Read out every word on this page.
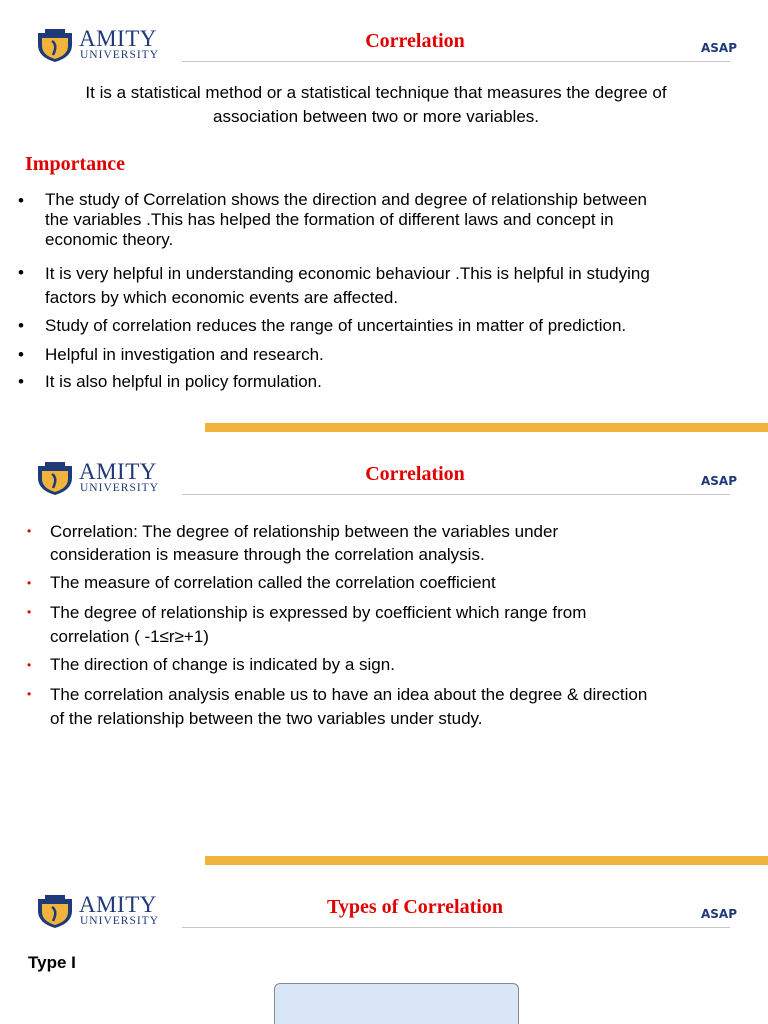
AMITY
UNIVERSITY
Correlation	ASAP
It is a statistical method or a statistical technique that measures the degree of
association between two or more variables.
Importance
• The study of Correlation shows the direction and degree of relationship between
the variables .This has helped the formation of different laws and concept in
economic theory.
• It is very helpful in understanding economic behaviour .This is helpful in studying
factors by which economic events are affected.
• Study of correlation reduces the range of uncertainties in matter of prediction.
• Helpful in investigation and research.
• It is also helpful in policy formulation.
AMITY
UNIVERSITY
Correlation	ASAP
• Correlation: The degree of relationship between the variables under
consideration is measure through the correlation analysis.
• The measure of correlation called the correlation coefficient
• The degree of relationship is expressed by coefficient which range from
correlation ( -1≤r≥+1)
• The direction of change is indicated by a sign.
• The correlation analysis enable us to have an idea about the degree & direction
of the relationship between the two variables under study.
AMITY
UNIVERSITY
Types of Correlation	ASAP
Type I
